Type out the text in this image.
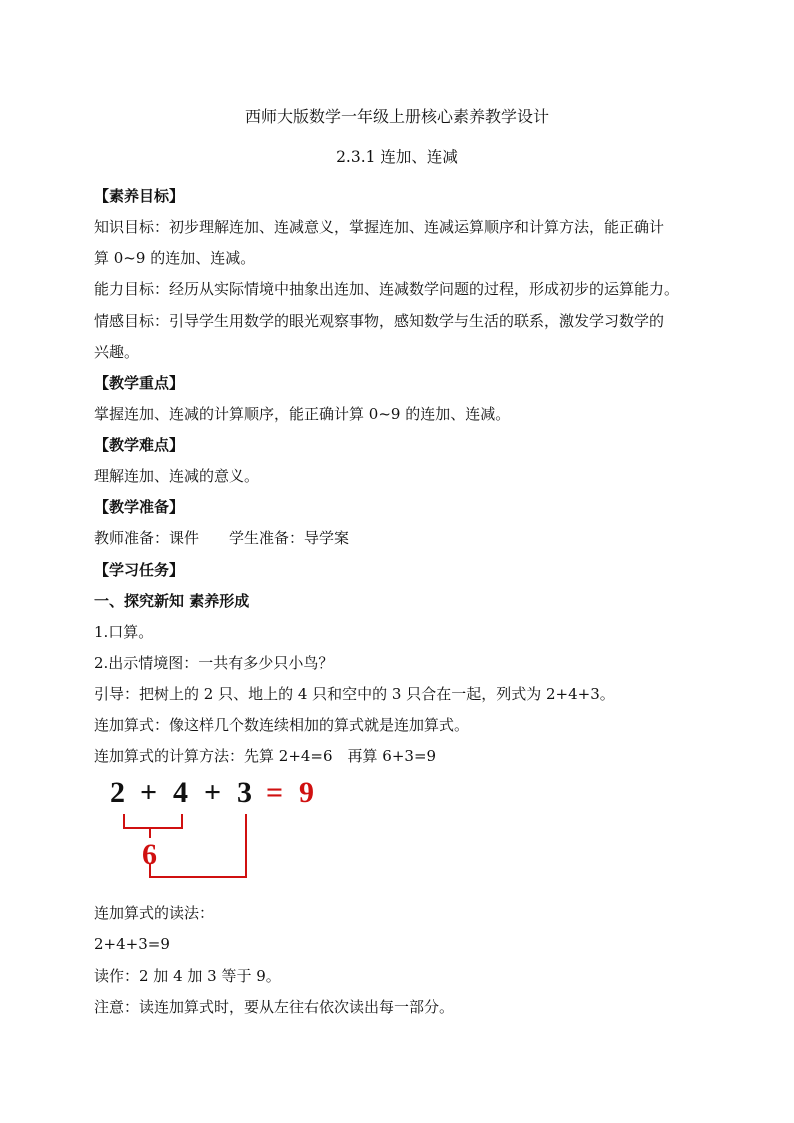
西师大版数学一年级上册核心素养教学设计
2.3.1 连加、连减
【素养目标】
知识目标：初步理解连加、连减意义，掌握连加、连减运算顺序和计算方法，能正确计
算 0~9 的连加、连减。
能力目标：经历从实际情境中抽象出连加、连减数学问题的过程，形成初步的运算能力。
情感目标：引导学生用数学的眼光观察事物，感知数学与生活的联系，激发学习数学的
兴趣。
【教学重点】
掌握连加、连减的计算顺序，能正确计算 0~9 的连加、连减。
【教学难点】
理解连加、连减的意义。
【教学准备】
教师准备：课件　　学生准备：导学案
【学习任务】
一、探究新知 素养形成
1.口算。
2.出示情境图：一共有多少只小鸟？
引导：把树上的 2 只、地上的 4 只和空中的 3 只合在一起，列式为 2+4+3。
连加算式：像这样几个数连续相加的算式就是连加算式。
连加算式的计算方法：先算 2+4=6　再算 6+3=9
2 + 4 + 3 = 9
6
连加算式的读法：
2+4+3=9
读作：2 加 4 加 3 等于 9。
注意：读连加算式时，要从左往右依次读出每一部分。
